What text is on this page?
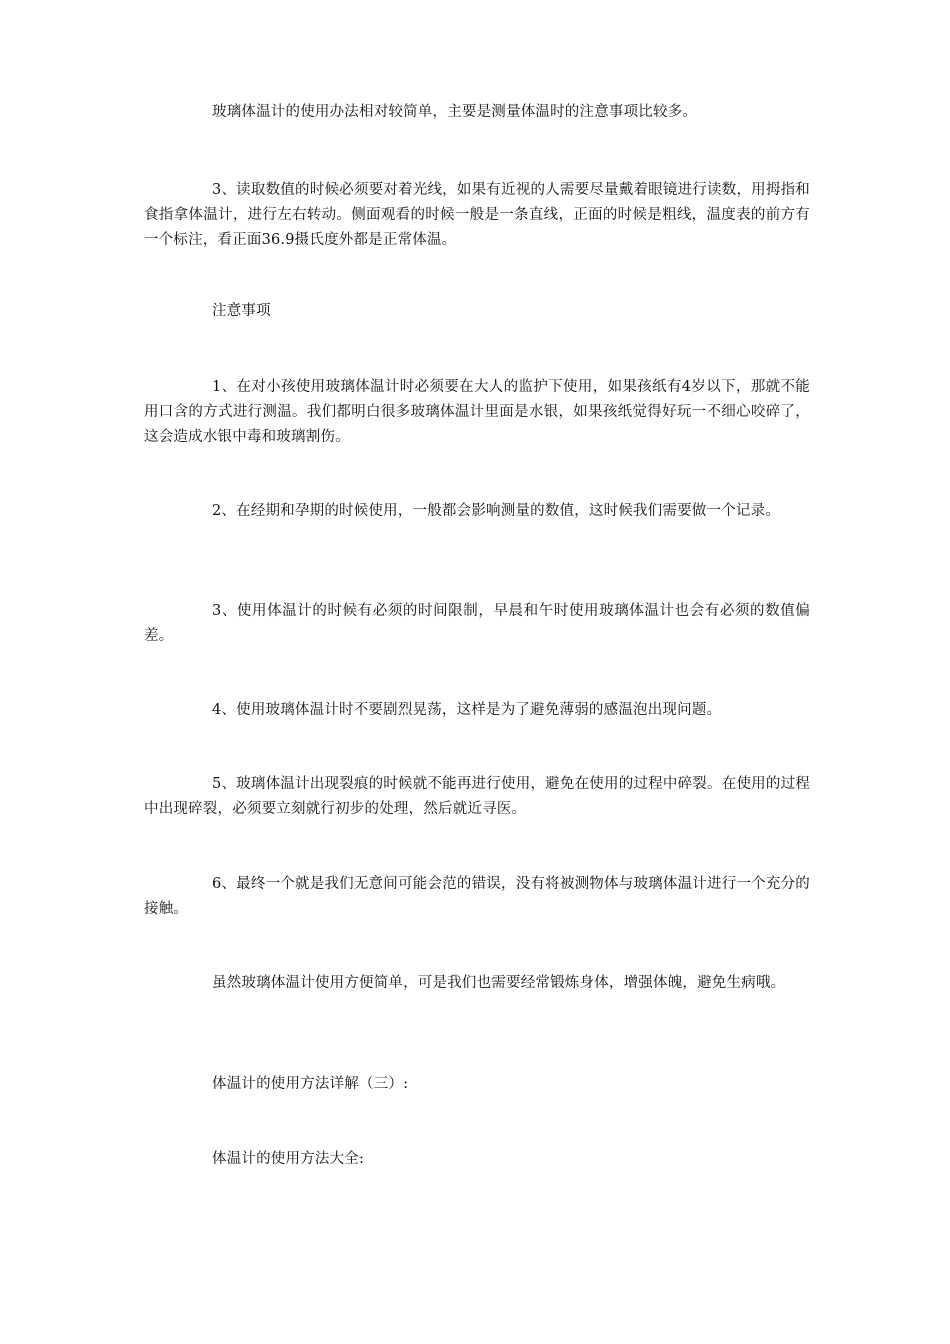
玻璃体温计的使用办法相对较简单，主要是测量体温时的注意事项比较多。

3、读取数值的时候必须要对着光线，如果有近视的人需要尽量戴着眼镜进行读数，用拇指和食指拿体温计，进行左右转动。侧面观看的时候一般是一条直线，正面的时候是粗线，温度表的前方有一个标注，看正面36.9摄氏度外都是正常体温。

注意事项

1、在对小孩使用玻璃体温计时必须要在大人的监护下使用，如果孩纸有4岁以下，那就不能用口含的方式进行测温。我们都明白很多玻璃体温计里面是水银，如果孩纸觉得好玩一不细心咬碎了，这会造成水银中毒和玻璃割伤。

2、在经期和孕期的时候使用，一般都会影响测量的数值，这时候我们需要做一个记录。

3、使用体温计的时候有必须的时间限制，早晨和午时使用玻璃体温计也会有必须的数值偏差。

4、使用玻璃体温计时不要剧烈晃荡，这样是为了避免薄弱的感温泡出现问题。

5、玻璃体温计出现裂痕的时候就不能再进行使用，避免在使用的过程中碎裂。在使用的过程中出现碎裂，必须要立刻就行初步的处理，然后就近寻医。

6、最终一个就是我们无意间可能会范的错误，没有将被测物体与玻璃体温计进行一个充分的接触。

虽然玻璃体温计使用方便简单，可是我们也需要经常锻炼身体，增强体魄，避免生病哦。

体温计的使用方法详解（三）:

体温计的使用方法大全:
